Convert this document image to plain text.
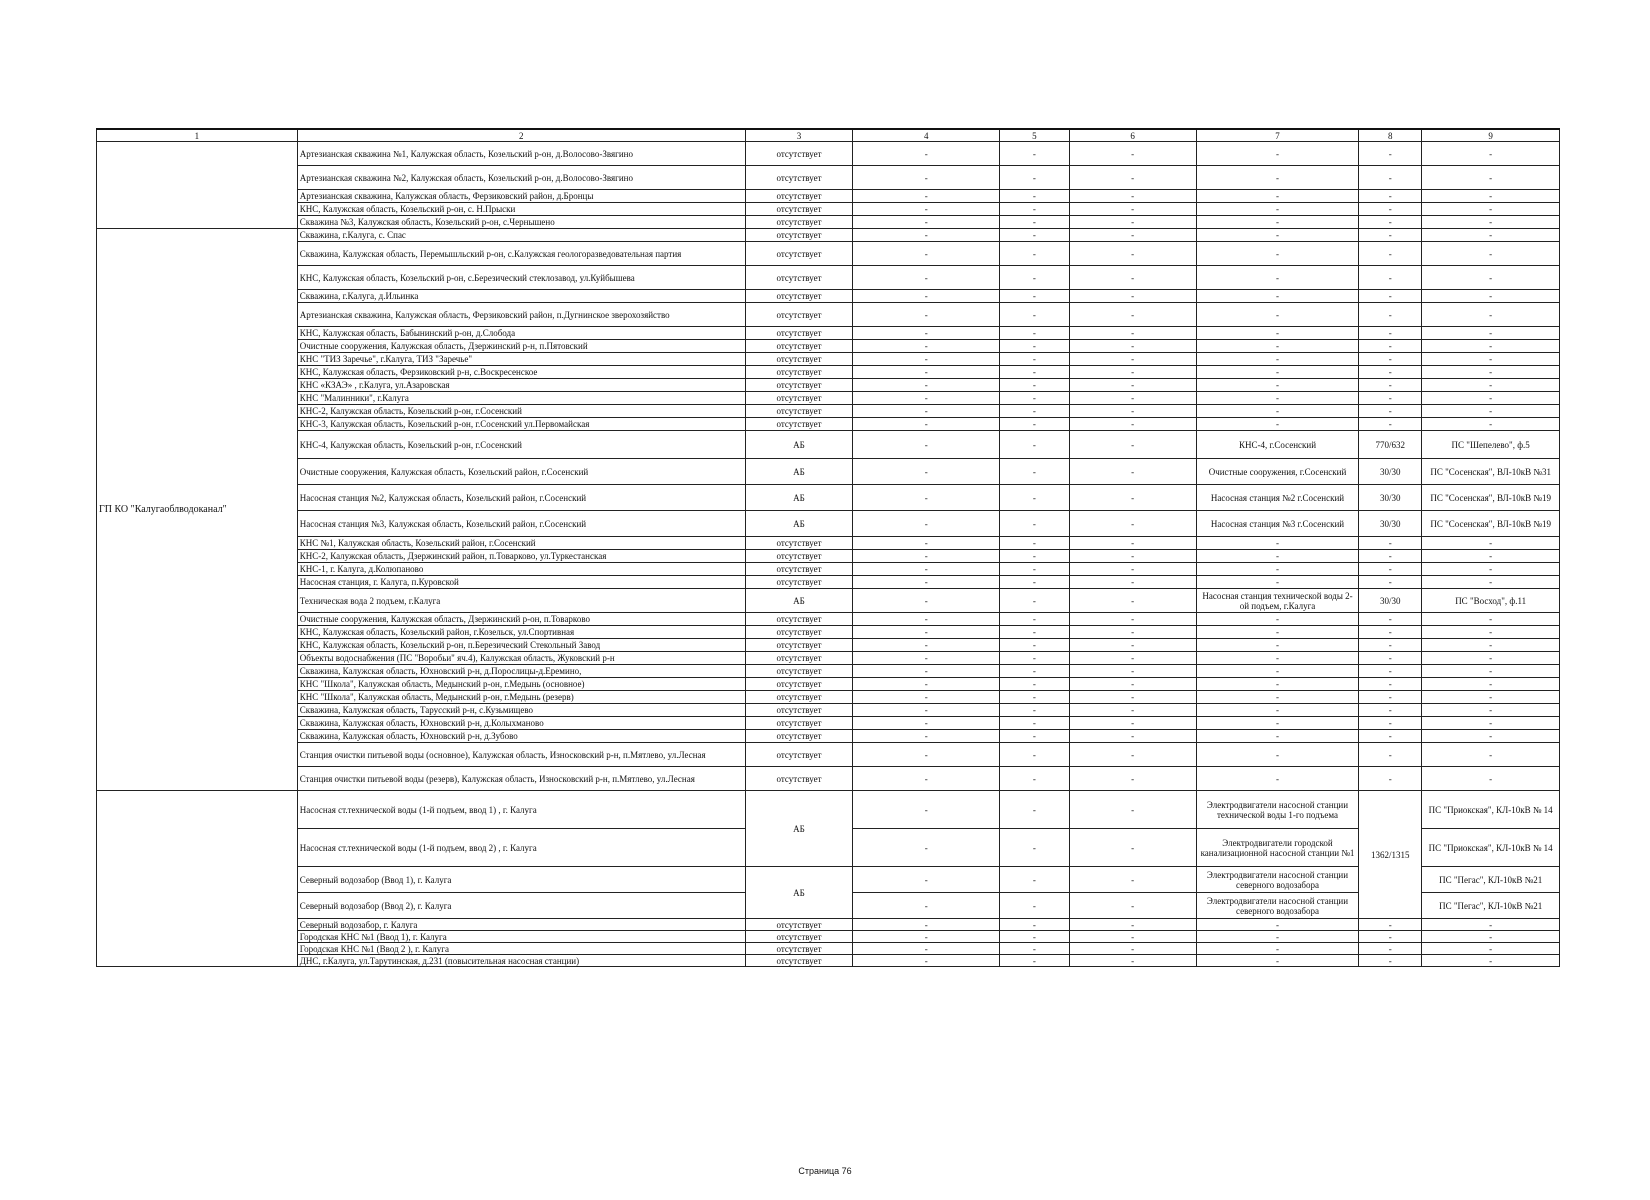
1	2	3	4	5	6	7	8	9
	Артезианская скважина №1, Калужская область, Козельский р-он, д.Волосово-Звягино	отсутствует	-	-	-	-	-	-
	Артезианская скважина №2, Калужская область, Козельский р-он, д.Волосово-Звягино	отсутствует	-	-	-	-	-	-
	Артезианская скважина, Калужская область, Ферзиковский район, д.Бронцы	отсутствует	-	-	-	-	-	-
	КНС, Калужская область, Козельский р-он, с. Н.Прыски	отсутствует	-	-	-	-	-	-
	Скважина №3, Калужская область, Козельский р-он, с.Чернышено	отсутствует	-	-	-	-	-	-
ГП КО "Калугаоблводоканал"	Скважина, г.Калуга, с. Спас	отсутствует	-	-	-	-	-	-
	Скважина, Калужская область, Перемышльский р-он, с.Калужская геологоразведовательная партия	отсутствует	-	-	-	-	-	-
	КНС, Калужская область, Козельский р-он, с.Березический стеклозавод, ул.Куйбышева	отсутствует	-	-	-	-	-	-
	Скважина, г.Калуга, д.Ильинка	отсутствует	-	-	-	-	-	-
	Артезианская скважина, Калужская область, Ферзиковский район, п.Дугнинское зверохозяйство	отсутствует	-	-	-	-	-	-
	КНС, Калужская область, Бабынинский р-он, д.Слобода	отсутствует	-	-	-	-	-	-
	Очистные сооружения, Калужская область, Дзержинский р-н, п.Пятовский	отсутствует	-	-	-	-	-	-
	КНС "ТИЗ Заречье", г.Калуга, ТИЗ "Заречье"	отсутствует	-	-	-	-	-	-
	КНС, Калужская область, Ферзиковский р-н, с.Воскресенское	отсутствует	-	-	-	-	-	-
	КНС «КЗАЭ» , г.Калуга, ул.Азаровская	отсутствует	-	-	-	-	-	-
	КНС "Малинники", г.Калуга	отсутствует	-	-	-	-	-	-
	КНС-2, Калужская область, Козельский р-он, г.Сосенский	отсутствует	-	-	-	-	-	-
	КНС-3, Калужская область, Козельский р-он, г.Сосенский ул.Первомайская	отсутствует	-	-	-	-	-	-
	КНС-4, Калужская область, Козельский р-он, г.Сосенский	АБ	-	-	-	КНС-4, г.Сосенский	770/632	ПС "Шепелево", ф.5
	Очистные сооружения, Калужская область, Козельский район, г.Сосенский	АБ	-	-	-	Очистные сооружения, г.Сосенский	30/30	ПС "Сосенская", ВЛ-10кВ №31
	Насосная станция №2, Калужская область, Козельский район, г.Сосенский	АБ	-	-	-	Насосная станция №2 г.Сосенский	30/30	ПС "Сосенская", ВЛ-10кВ №19
	Насосная станция №3, Калужская область, Козельский район, г.Сосенский	АБ	-	-	-	Насосная станция №3 г.Сосенский	30/30	ПС "Сосенская", ВЛ-10кВ №19
	КНС №1, Калужская область, Козельский район, г.Сосенский	отсутствует	-	-	-	-	-	-
	КНС-2, Калужская область, Дзержинский район, п.Товарково, ул.Туркестанская	отсутствует	-	-	-	-	-	-
	КНС-1, г. Калуга, д.Колюпаново	отсутствует	-	-	-	-	-	-
	Насосная станция, г. Калуга, п.Куровской	отсутствует	-	-	-	-	-	-
	Техническая вода 2 подъем, г.Калуга	АБ	-	-	-	Насосная станция технической воды 2-ой подъем, г.Калуга	30/30	ПС "Восход", ф.11
	Очистные сооружения, Калужская область, Дзержинский р-он, п.Товарково	отсутствует	-	-	-	-	-	-
	КНС, Калужская область, Козельский район, г.Козельск, ул.Спортивная	отсутствует	-	-	-	-	-	-
	КНС, Калужская область, Козельский р-он, п.Березический Стекольный Завод	отсутствует	-	-	-	-	-	-
	Объекты водоснабжения (ПС "Воробьи" яч.4), Калужская область, Жуковский р-н	отсутствует	-	-	-	-	-	-
	Скважина, Калужская область, Юхновский р-н, д.Порослицы-д.Еремино,	отсутствует	-	-	-	-	-	-
	КНС "Школа", Калужская область, Медынский р-он, г.Медынь (основное)	отсутствует	-	-	-	-	-	-
	КНС "Школа", Калужская область, Медынский р-он, г.Медынь (резерв)	отсутствует	-	-	-	-	-	-
	Скважина, Калужская область, Тарусский р-н, с.Кузьмищево	отсутствует	-	-	-	-	-	-
	Скважина, Калужская область, Юхновский р-н, д.Колыхманово	отсутствует	-	-	-	-	-	-
	Скважина, Калужская область, Юхновский р-н, д.Зубово	отсутствует	-	-	-	-	-	-
	Станция очистки питьевой воды (основное), Калужская область, Износковский р-н, п.Мятлево, ул.Лесная	отсутствует	-	-	-	-	-	-
	Станция очистки питьевой воды (резерв), Калужская область, Износковский р-н, п.Мятлево, ул.Лесная	отсутствует	-	-	-	-	-	-
	Насосная ст.технической воды (1-й подъем, ввод 1) , г. Калуга	АБ	-	-	-	Электродвигатели насосной станции технической воды 1-го подъема	1362/1315	ПС "Приокская", КЛ-10кВ № 14
	Насосная ст.технической воды (1-й подъем, ввод 2) , г. Калуга		-	-	-	Электродвигатели городской канализационной насосной станции №1		ПС "Приокская", КЛ-10кВ № 14
	Северный водозабор (Ввод 1), г. Калуга	АБ	-	-	-	Электродвигатели насосной станции северного водозабора		ПС "Пегас", КЛ-10кВ №21
	Северный водозабор (Ввод 2), г. Калуга		-	-	-	Электродвигатели насосной станции северного водозабора		ПС "Пегас", КЛ-10кВ №21
	Северный водозабор, г. Калуга	отсутствует	-	-	-	-	-	-
	Городская КНС №1 (Ввод 1), г. Калуга	отсутствует	-	-	-	-	-	-
	Городская КНС №1 (Ввод 2 ), г. Калуга	отсутствует	-	-	-	-	-	-
	ДНС, г.Калуга, ул.Тарутинская, д.231 (повысительная насосная станции)	отсутствует	-	-	-	-	-	-
Страница 76
